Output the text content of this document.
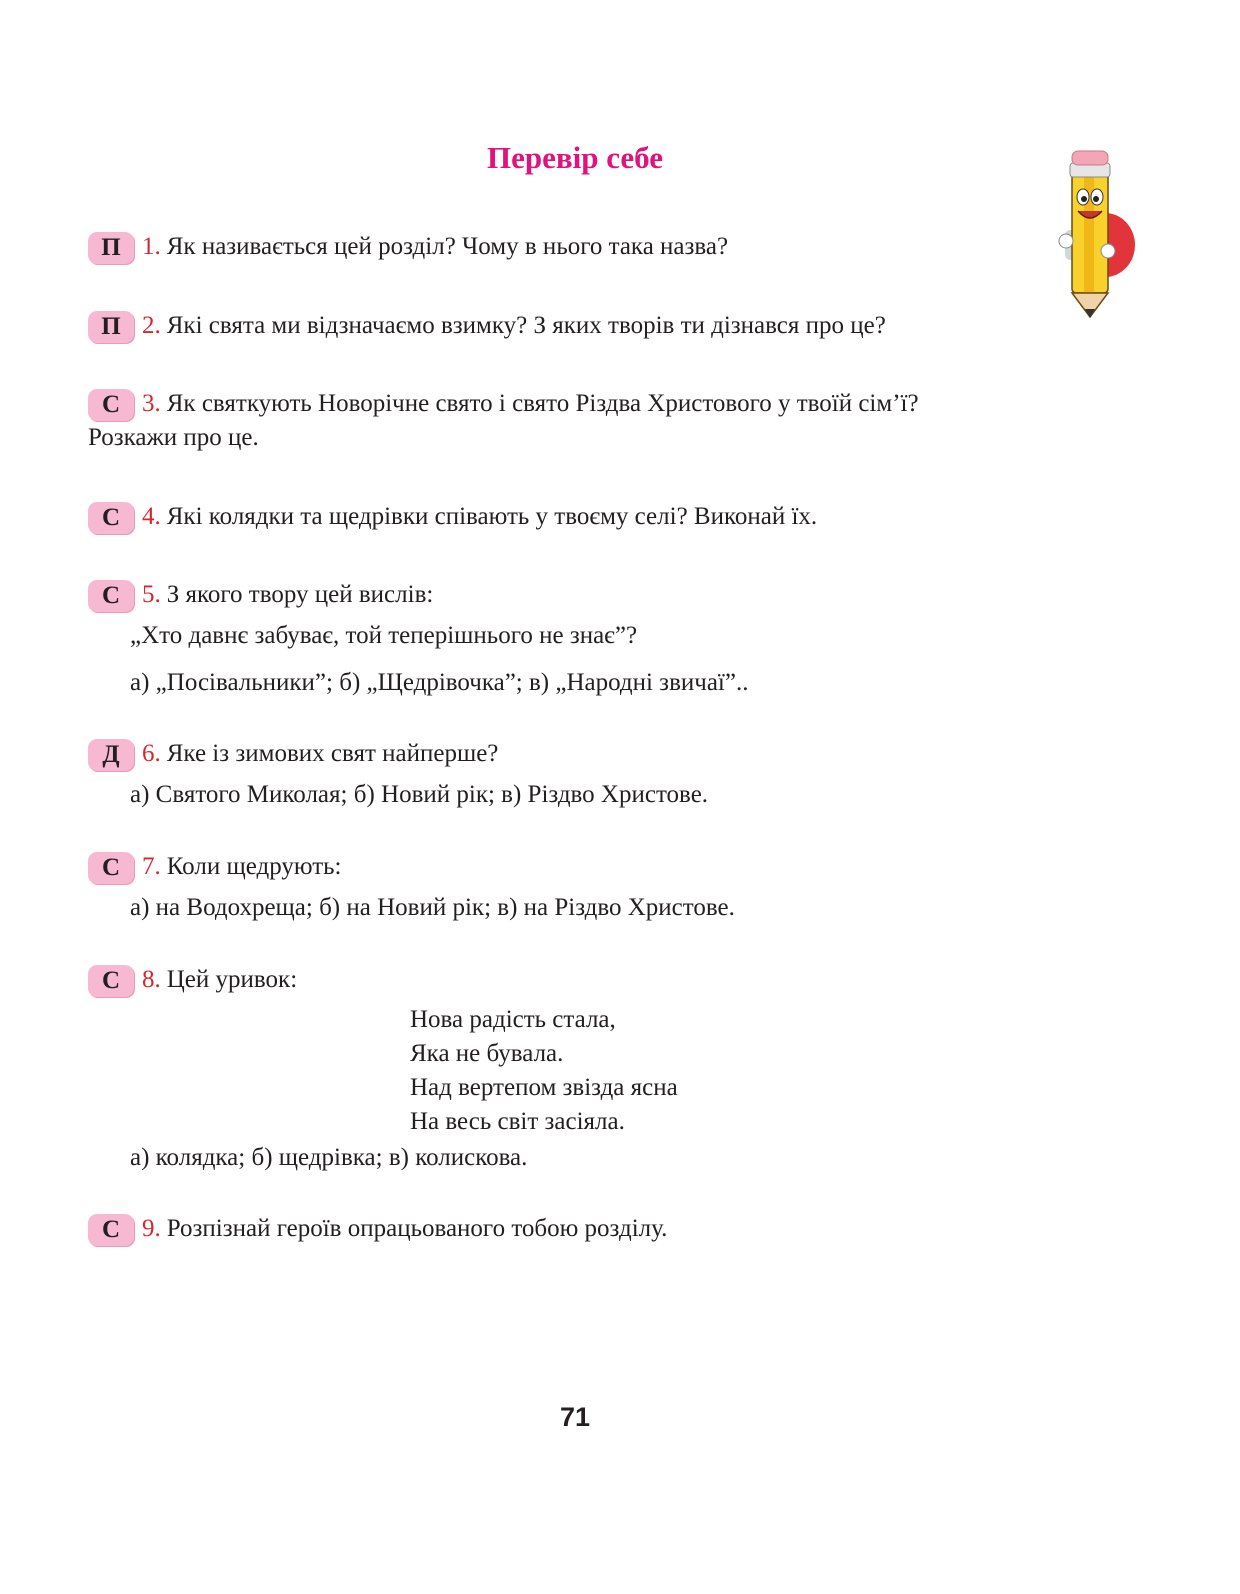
Перевір себе
П 1. Як називається цей розділ? Чому в нього така назва?
П 2. Які свята ми відзначаємо взимку? З яких творів ти дізнався про це?
С 3. Як святкують Новорічне свято і свято Різдва Христового у твоїй сім’ї?
Розкажи про це.
С 4. Які колядки та щедрівки співають у твоєму селі? Виконай їх.
С 5. З якого твору цей вислів:
„Хто давнє забуває, той теперішнього не знає”?
а) „Посівальники”; б) „Щедрівочка”; в) „Народні звичаї”..
Д 6. Яке із зимових свят найперше?
а) Святого Миколая; б) Новий рік; в) Різдво Христове.
С 7. Коли щедрують:
а) на Водохреща; б) на Новий рік; в) на Різдво Христове.
С 8. Цей уривок:
Нова радість стала,
Яка не бувала.
Над вертепом звізда ясна
На весь світ засіяла.
а) колядка; б) щедрівка; в) колискова.
С 9. Розпізнай героїв опрацьованого тобою розділу.
71
